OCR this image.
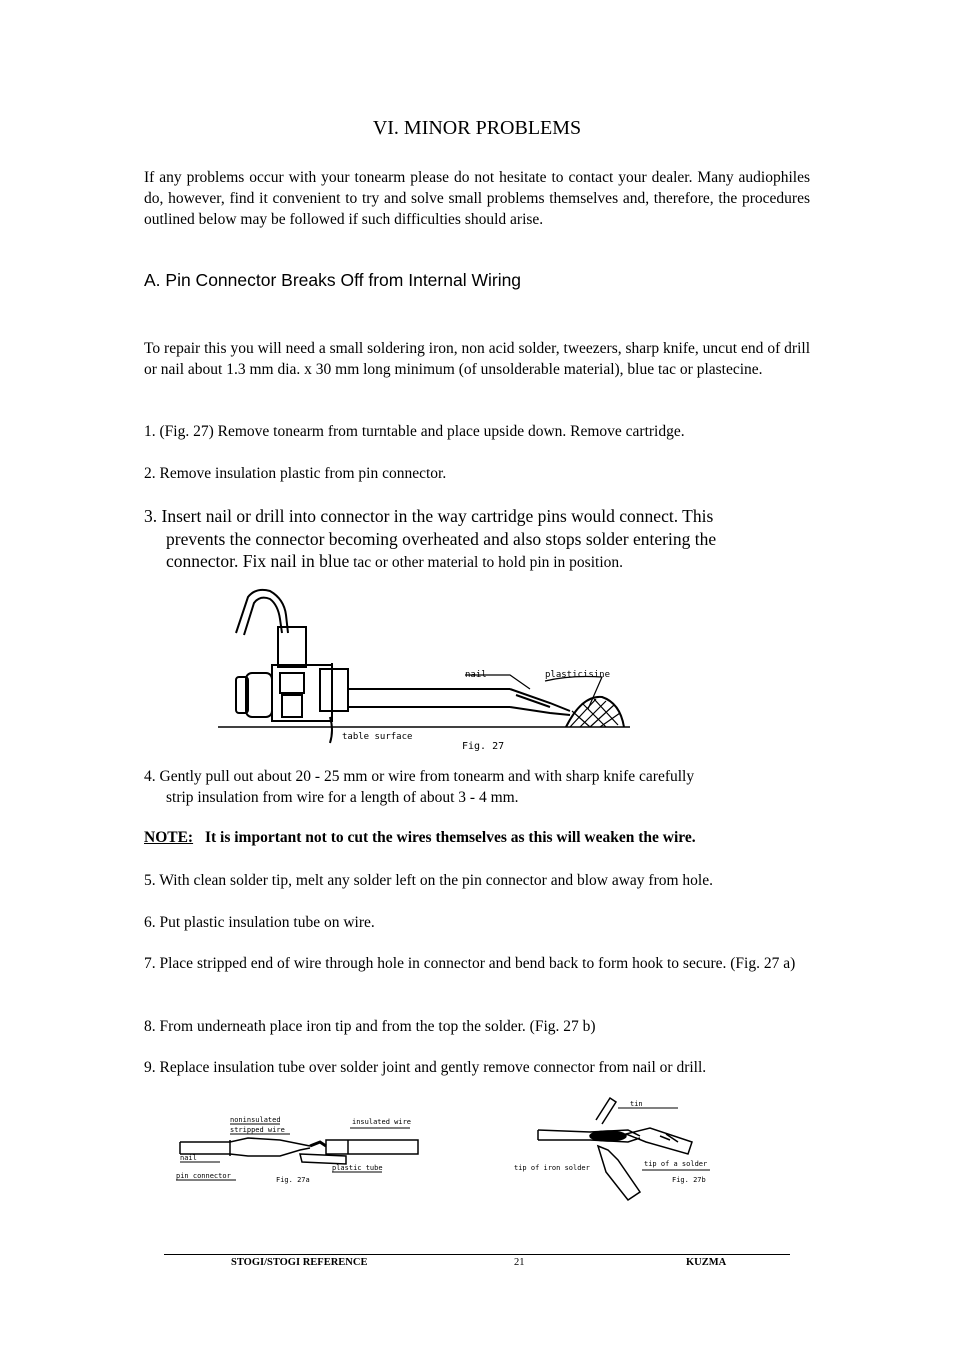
VI. MINOR PROBLEMS
If any problems occur with your tonearm please do not hesitate to contact your dealer. Many audiophiles do, however, find it convenient to try and solve small problems themselves and, therefore, the procedures outlined below may be followed if such difficulties should arise.
A. Pin Connector Breaks Off from Internal Wiring
To repair this you will need a small soldering iron, non acid solder, tweezers, sharp knife, uncut end of drill or nail about 1.3 mm dia. x 30 mm long minimum (of unsolderable material), blue tac or plastecine.
1. (Fig. 27) Remove tonearm from turntable and place upside down. Remove cartridge.
2. Remove insulation plastic from pin connector.
3. Insert nail or drill into connector in the way cartridge pins would connect. This
prevents the connector becoming overheated and also stops solder entering the
connector. Fix nail in blue tac or other material to hold pin in position.
nail	plasticisine
table surface
Fig. 27
4. Gently pull out about 20 - 25 mm or wire from tonearm and with sharp knife carefully
strip insulation from wire for a length of about 3 - 4 mm.
NOTE: It is important not to cut the wires themselves as this will weaken the wire.
5. With clean solder tip, melt any solder left on the pin connector and blow away from hole.
6. Put plastic insulation tube on wire.
7. Place stripped end of wire through hole in connector and bend back to form hook to secure. (Fig. 27 a)
8. From underneath place iron tip and from the top the solder. (Fig. 27 b)
9. Replace insulation tube over solder joint and gently remove connector from nail or drill.
noninsulated
stripped wire
insulated wire
nail
pin connector
plastic tube
Fig. 27a
tin
tip of iron solder	tip of a solder
Fig. 27b
STOGI/STOGI REFERENCE	21	KUZMA
